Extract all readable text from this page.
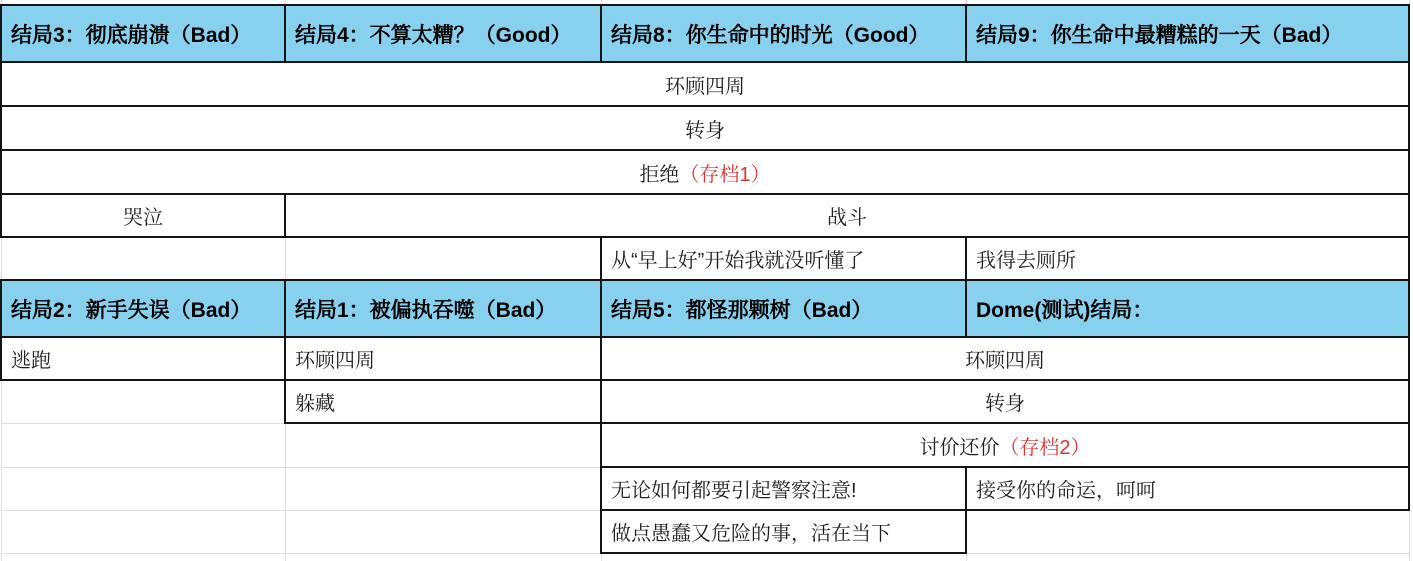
结局3：彻底崩溃（Bad）	结局4：不算太糟？（Good）	结局8：你生命中的时光（Good）	结局9：你生命中最糟糕的一天（Bad）	
环顾四周				
转身				
拒绝（存档1）				
哭泣	战斗			
		从“早上好”开始我就没听懂了	我得去厕所	
结局2：新手失误（Bad）	结局1：被偏执吞噬（Bad）	结局5：都怪那颗树（Bad）	Dome(测试)结局：	
逃跑	环顾四周	环顾四周		
	躲藏	转身		
		讨价还价（存档2）		
		无论如何都要引起警察注意!	接受你的命运，呵呵	
		做点愚蠢又危险的事，活在当下		
